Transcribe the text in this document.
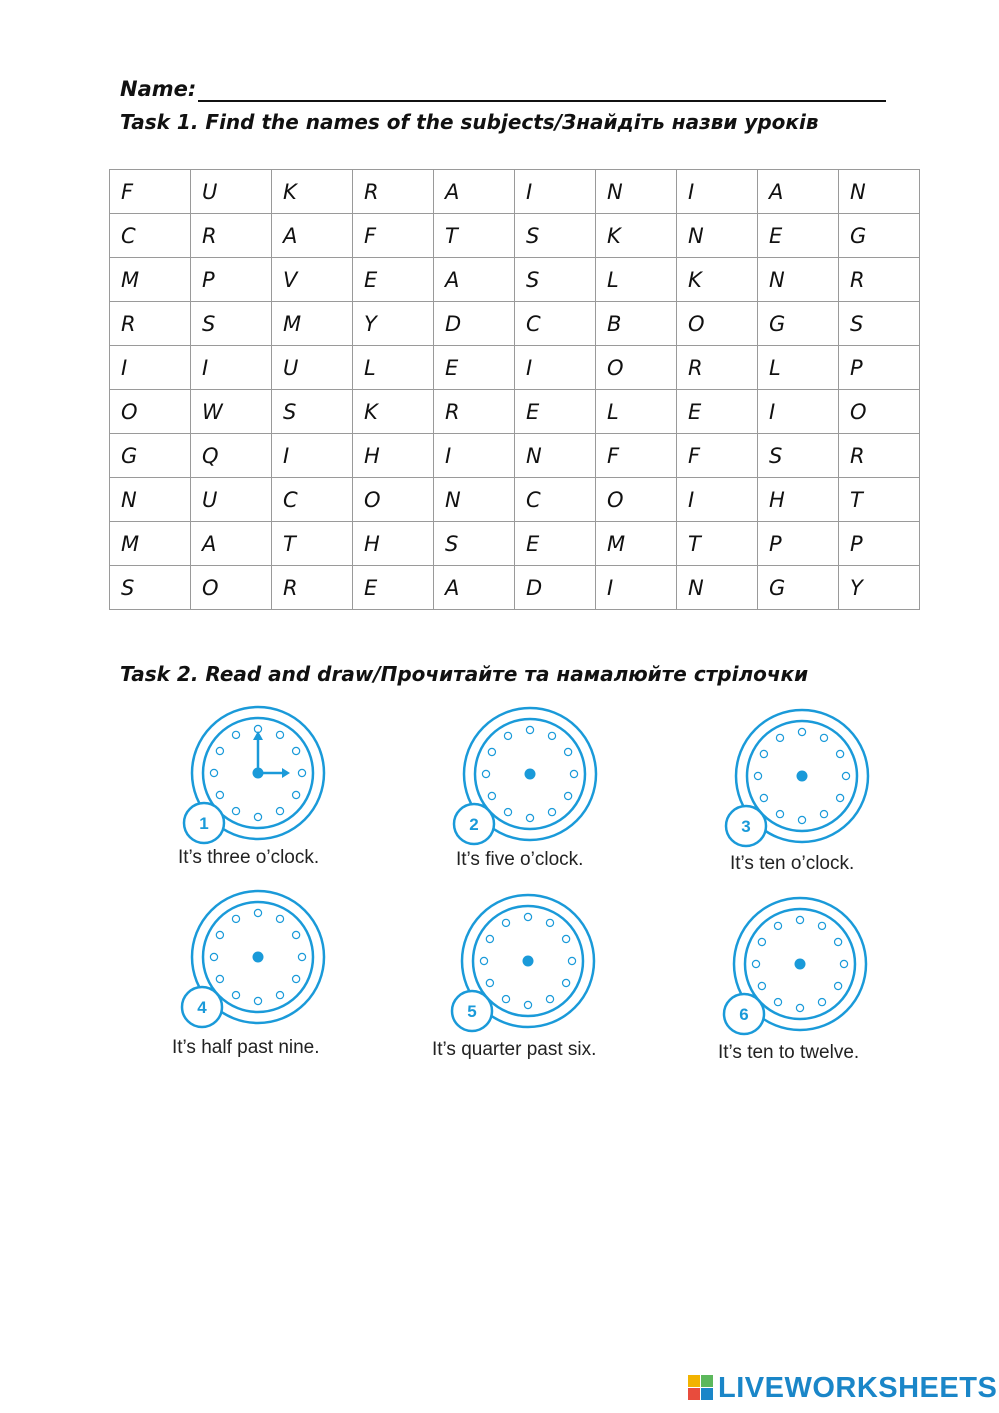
Name:
Task 1. Find the names of the subjects/Знайдіть назви уроків
F	U	K	R	A	I	N	I	A	N
C	R	A	F	T	S	K	N	E	G
M	P	V	E	A	S	L	K	N	R
R	S	M	Y	D	C	B	O	G	S
I	I	U	L	E	I	O	R	L	P
O	W	S	K	R	E	L	E	I	O
G	Q	I	H	I	N	F	F	S	R
N	U	C	O	N	C	O	I	H	T
M	A	T	H	S	E	M	T	P	P
S	O	R	E	A	D	I	N	G	Y
Task 2. Read and draw/Прочитайте та намалюйте стрілочки
1
It’s three o’clock.
2
It’s five o’clock.
3
It’s ten o’clock.
4
It’s half past nine.
5
It’s quarter past six.
6
It’s ten to twelve.
LIVEWORKSHEETS
